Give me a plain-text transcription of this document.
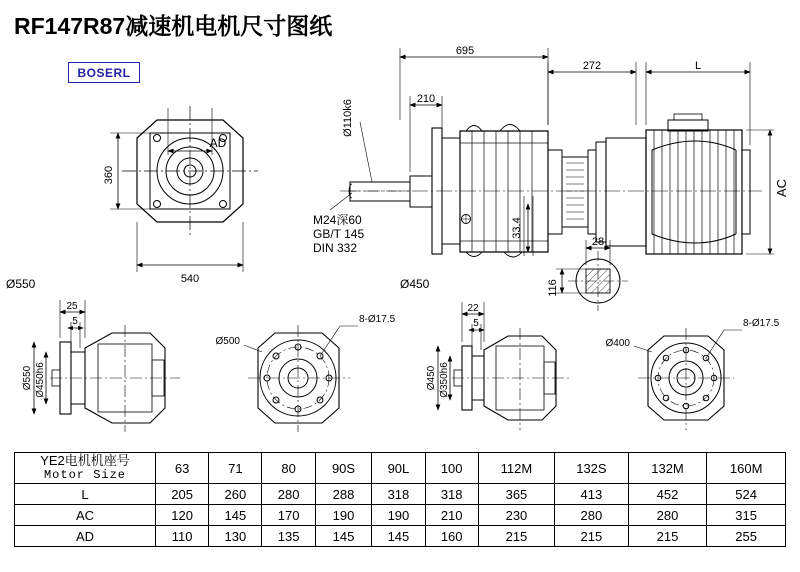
RF147R87减速机电机尺寸图纸
BOSERL
695
272	L
210
Ø110k6
33.4
AC
AD
360
540
M24深60
GB/T 145
DIN 332	28
116
Ø550	Ø450
Ø550 Ø450h6
25
5
Ø500
8-Ø17.5
Ø450 Ø350h6
22
5
Ø400
8-Ø17.5
YE2电机机座号
Motor Size	63	71	80	90S	90L	100	112M	132S	132M	160M
L	205	260	280	288	318	318	365	413	452	524
AC	120	145	170	190	190	210	230	280	280	315
AD	110	130	135	145	145	160	215	215	215	255
